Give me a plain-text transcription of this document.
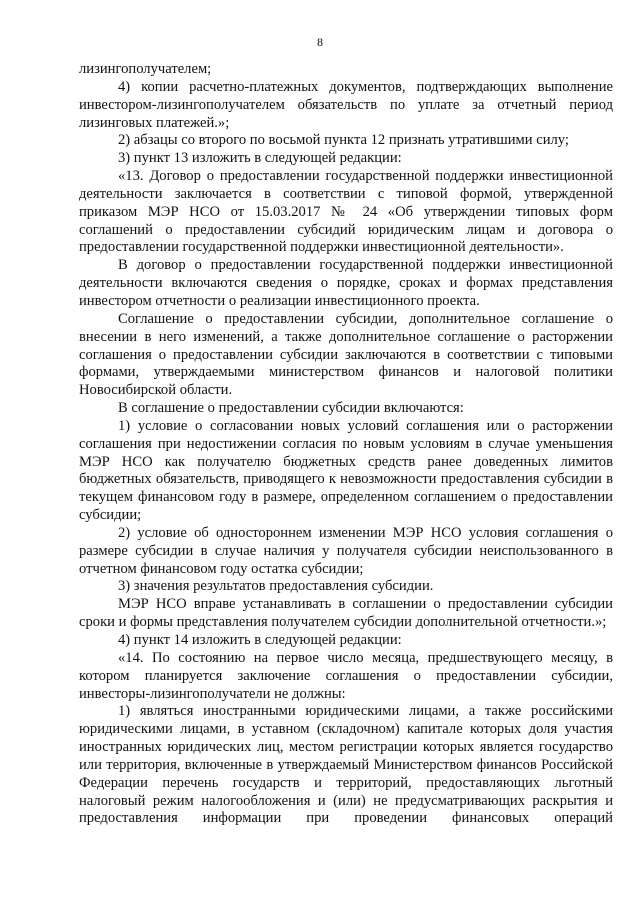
8

лизингополучателем;

4) копии расчетно-платежных документов, подтверждающих выполнение инвестором-лизингополучателем обязательств по уплате за отчетный период лизинговых платежей.»;

2) абзацы со второго по восьмой пункта 12 признать утратившими силу;

3) пункт 13 изложить в следующей редакции:

«13. Договор о предоставлении государственной поддержки инвестиционной деятельности заключается в соответствии с типовой формой, утвержденной приказом МЭР НСО от 15.03.2017 № 24 «Об утверждении типовых форм соглашений о предоставлении субсидий юридическим лицам и договора о предоставлении государственной поддержки инвестиционной деятельности».

В договор о предоставлении государственной поддержки инвестиционной деятельности включаются сведения о порядке, сроках и формах представления инвестором отчетности о реализации инвестиционного проекта.

Соглашение о предоставлении субсидии, дополнительное соглашение о внесении в него изменений, а также дополнительное соглашение о расторжении соглашения о предоставлении субсидии заключаются в соответствии с типовыми формами, утверждаемыми министерством финансов и налоговой политики Новосибирской области.

В соглашение о предоставлении субсидии включаются:

1) условие о согласовании новых условий соглашения или о расторжении соглашения при недостижении согласия по новым условиям в случае уменьшения МЭР НСО как получателю бюджетных средств ранее доведенных лимитов бюджетных обязательств, приводящего к невозможности предоставления субсидии в текущем финансовом году в размере, определенном соглашением о предоставлении субсидии;

2) условие об одностороннем изменении МЭР НСО условия соглашения о размере субсидии в случае наличия у получателя субсидии неиспользованного в отчетном финансовом году остатка субсидии;

3) значения результатов предоставления субсидии.

МЭР НСО вправе устанавливать в соглашении о предоставлении субсидии сроки и формы представления получателем субсидии дополнительной отчетности.»;

4) пункт 14 изложить в следующей редакции:

«14. По состоянию на первое число месяца, предшествующего месяцу, в котором планируется заключение соглашения о предоставлении субсидии, инвесторы-лизингополучатели не должны:

1) являться иностранными юридическими лицами, а также российскими юридическими лицами, в уставном (складочном) капитале которых доля участия иностранных юридических лиц, местом регистрации которых является государство или территория, включенные в утверждаемый Министерством финансов Российской Федерации перечень государств и территорий, предоставляющих льготный налоговый режим налогообложения и (или) не предусматривающих раскрытия и предоставления информации при проведении финансовых операций
